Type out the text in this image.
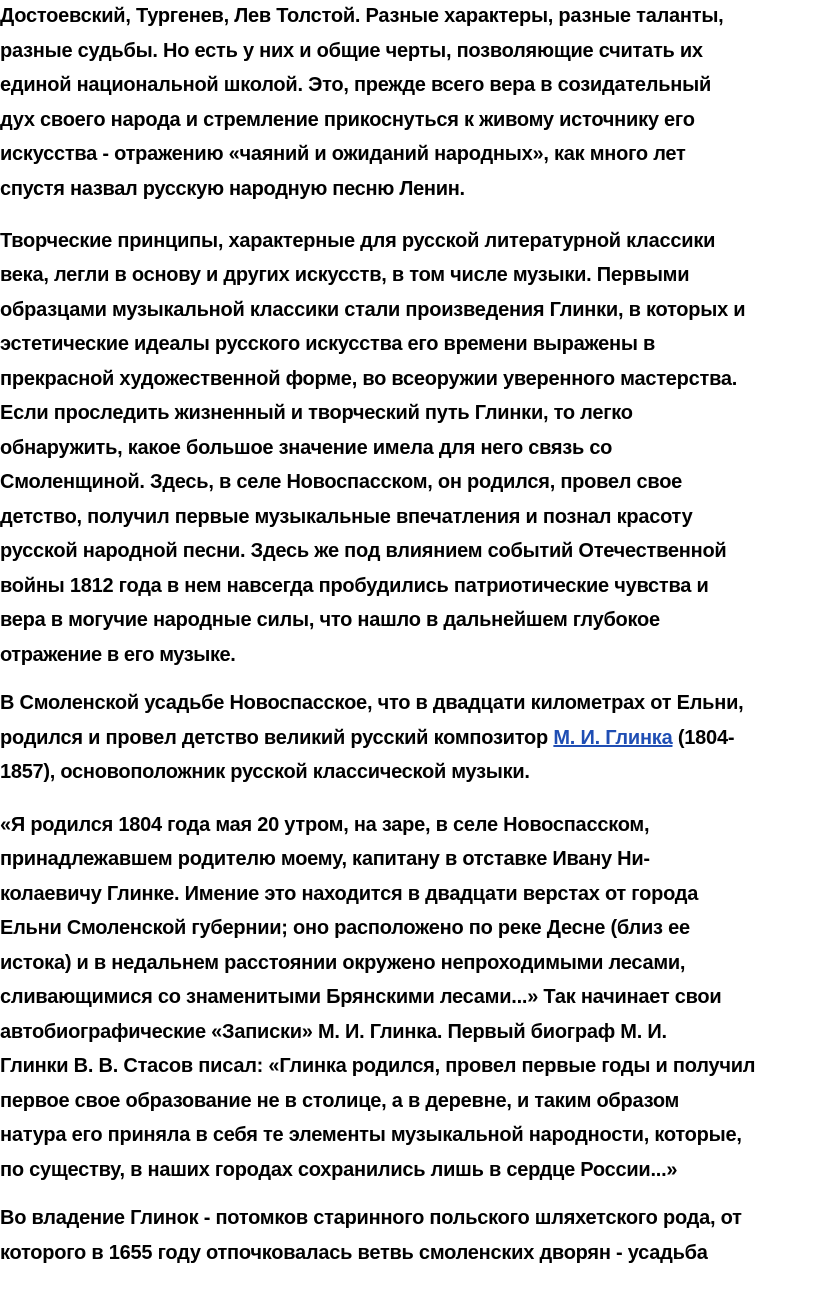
Достоевский, Тургенев, Лев Толстой. Разные характеры, разные таланты,
разные судьбы. Но есть у них и общие черты, позволяющие считать их
единой национальной школой. Это, прежде всего вера в созидательный
дух своего народа и стремление прикоснуться к живому источнику его
искусства - отражению «чаяний и ожиданий народных», как много лет
спустя назвал русскую народную песню Ленин.
Творческие принципы, характерные для русской литературной классики
века, легли в основу и других искусств, в том числе музыки. Первыми
образцами музыкальной классики стали произведения Глинки, в которых и
эстетические идеалы русского искусства его времени выражены в
прекрасной художественной форме, во всеоружии уверенного мастерства.
Если проследить жизненный и творческий путь Глинки, то легко
обнаружить, какое большое значение имела для него связь со
Смоленщиной. Здесь, в селе Новоспасском, он родился, провел свое
детство, получил первые музыкальные впечатления и познал красоту
русской народной песни. Здесь же под влиянием событий Отечественной
войны 1812 года в нем навсегда пробудились патриотические чувства и
вера в могучие народные силы, что нашло в дальнейшем глубокое
отражение в его музыке.
В Смоленской усадьбе Новоспасское, что в двадцати километрах от Ельни,
родился и провел детство великий русский композитор М. И. Глинка (1804-
1857), основоположник русской классической музыки.
«Я родился 1804 года мая 20 утром, на заре, в селе Новоспасском,
принадлежавшем родителю моему, капитану в отставке Ивану Ни-
колаевичу Глинке. Имение это находится в двадцати верстах от города
Ельни Смоленской губернии; оно расположено по реке Десне (близ ее
истока) и в недальнем расстоянии окружено непроходимыми лесами,
сливающимися со знаменитыми Брянскими лесами...» Так начинает свои
автобиографические «Записки» М. И. Глинка. Первый биограф М. И.
Глинки В. В. Стасов писал: «Глинка родился, провел первые годы и получил
первое свое образование не в столице, а в деревне, и таким образом
натура его приняла в себя те элементы музыкальной народности, которые,
по существу, в наших городах сохранились лишь в сердце России...»
Во владение Глинок - потомков старинного польского шляхетского рода, от
которого в 1655 году отпочковалась ветвь смоленских дворян - усадьба
